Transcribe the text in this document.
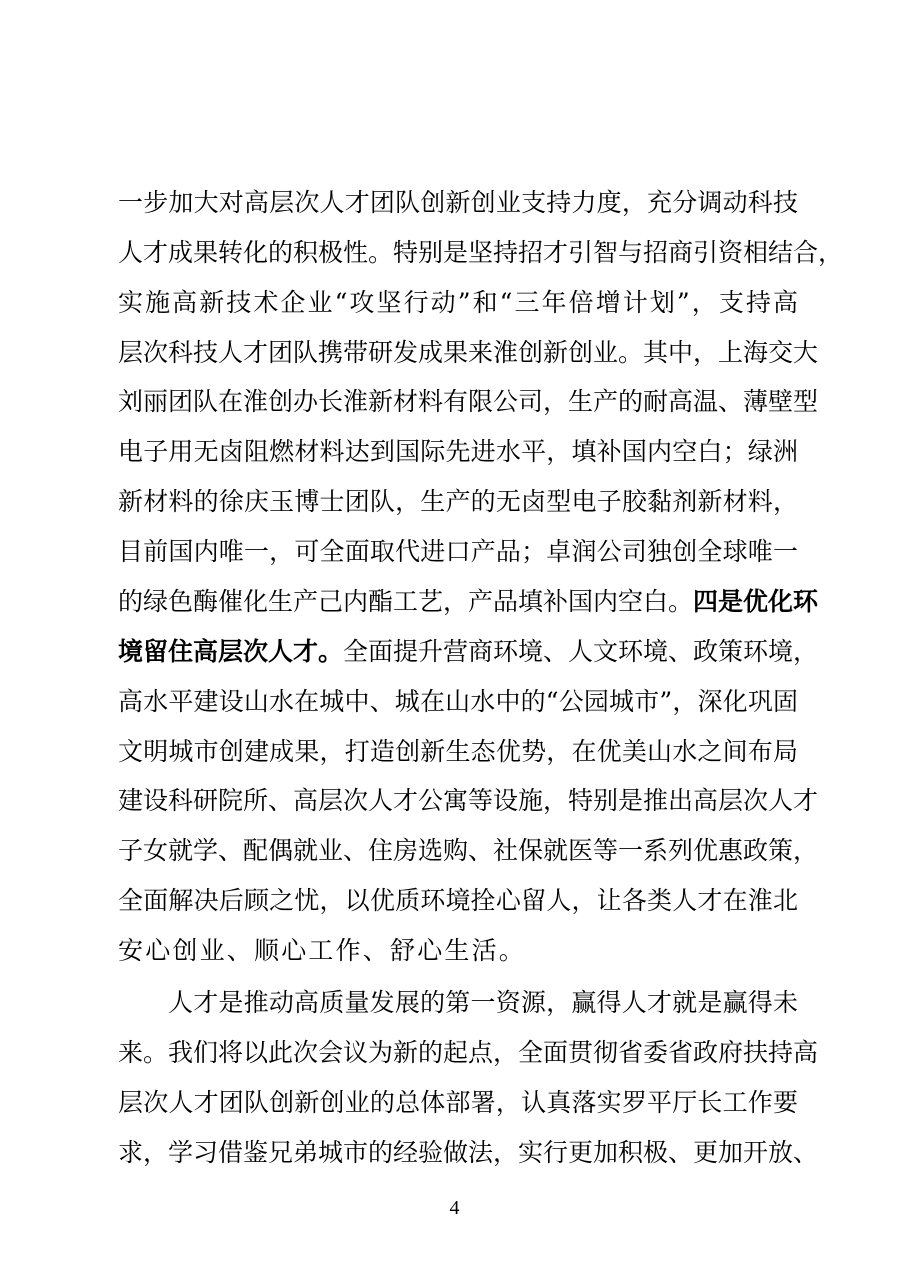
一步加大对高层次人才团队创新创业支持力度，充分调动科技
人才成果转化的积极性。特别是坚持招才引智与招商引资相结合，
实施高新技术企业“攻坚行动”和“三年倍增计划”，支持高
层次科技人才团队携带研发成果来淮创新创业。其中，上海交大
刘丽团队在淮创办长淮新材料有限公司，生产的耐高温、薄壁型
电子用无卤阻燃材料达到国际先进水平，填补国内空白；绿洲
新材料的徐庆玉博士团队，生产的无卤型电子胶黏剂新材料，
目前国内唯一，可全面取代进口产品；卓润公司独创全球唯一
的绿色酶催化生产己内酯工艺，产品填补国内空白。四是优化环
境留住高层次人才。全面提升营商环境、人文环境、政策环境，
高水平建设山水在城中、城在山水中的“公园城市”，深化巩固
文明城市创建成果，打造创新生态优势，在优美山水之间布局
建设科研院所、高层次人才公寓等设施，特别是推出高层次人才
子女就学、配偶就业、住房选购、社保就医等一系列优惠政策，
全面解决后顾之忧，以优质环境拴心留人，让各类人才在淮北
安心创业、顺心工作、舒心生活。
人才是推动高质量发展的第一资源，赢得人才就是赢得未
来。我们将以此次会议为新的起点，全面贯彻省委省政府扶持高
层次人才团队创新创业的总体部署，认真落实罗平厅长工作要
求，学习借鉴兄弟城市的经验做法，实行更加积极、更加开放、
4
